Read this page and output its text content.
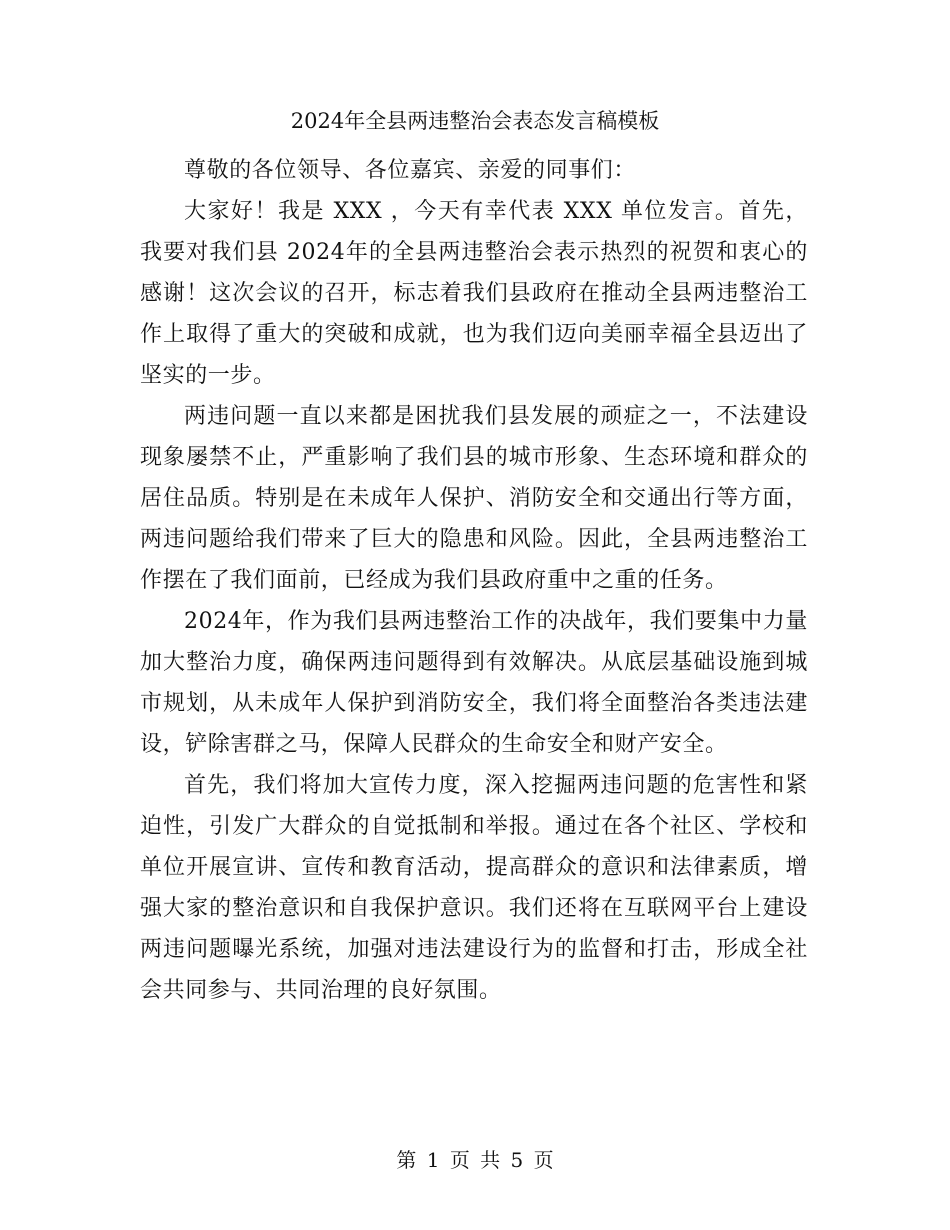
2024年全县两违整治会表态发言稿模板

尊敬的各位领导、各位嘉宾、亲爱的同事们：

大家好！我是 XXX ，今天有幸代表 XXX 单位发言。首先，我要对我们县 2024年的全县两违整治会表示热烈的祝贺和衷心的感谢！这次会议的召开，标志着我们县政府在推动全县两违整治工作上取得了重大的突破和成就，也为我们迈向美丽幸福全县迈出了坚实的一步。

两违问题一直以来都是困扰我们县发展的顽症之一，不法建设现象屡禁不止，严重影响了我们县的城市形象、生态环境和群众的居住品质。特别是在未成年人保护、消防安全和交通出行等方面，两违问题给我们带来了巨大的隐患和风险。因此，全县两违整治工作摆在了我们面前，已经成为我们县政府重中之重的任务。

2024年，作为我们县两违整治工作的决战年，我们要集中力量加大整治力度，确保两违问题得到有效解决。从底层基础设施到城市规划，从未成年人保护到消防安全，我们将全面整治各类违法建设，铲除害群之马，保障人民群众的生命安全和财产安全。

首先，我们将加大宣传力度，深入挖掘两违问题的危害性和紧迫性，引发广大群众的自觉抵制和举报。通过在各个社区、学校和单位开展宣讲、宣传和教育活动，提高群众的意识和法律素质，增强大家的整治意识和自我保护意识。我们还将在互联网平台上建设两违问题曝光系统，加强对违法建设行为的监督和打击，形成全社会共同参与、共同治理的良好氛围。

第 1 页 共 5 页
